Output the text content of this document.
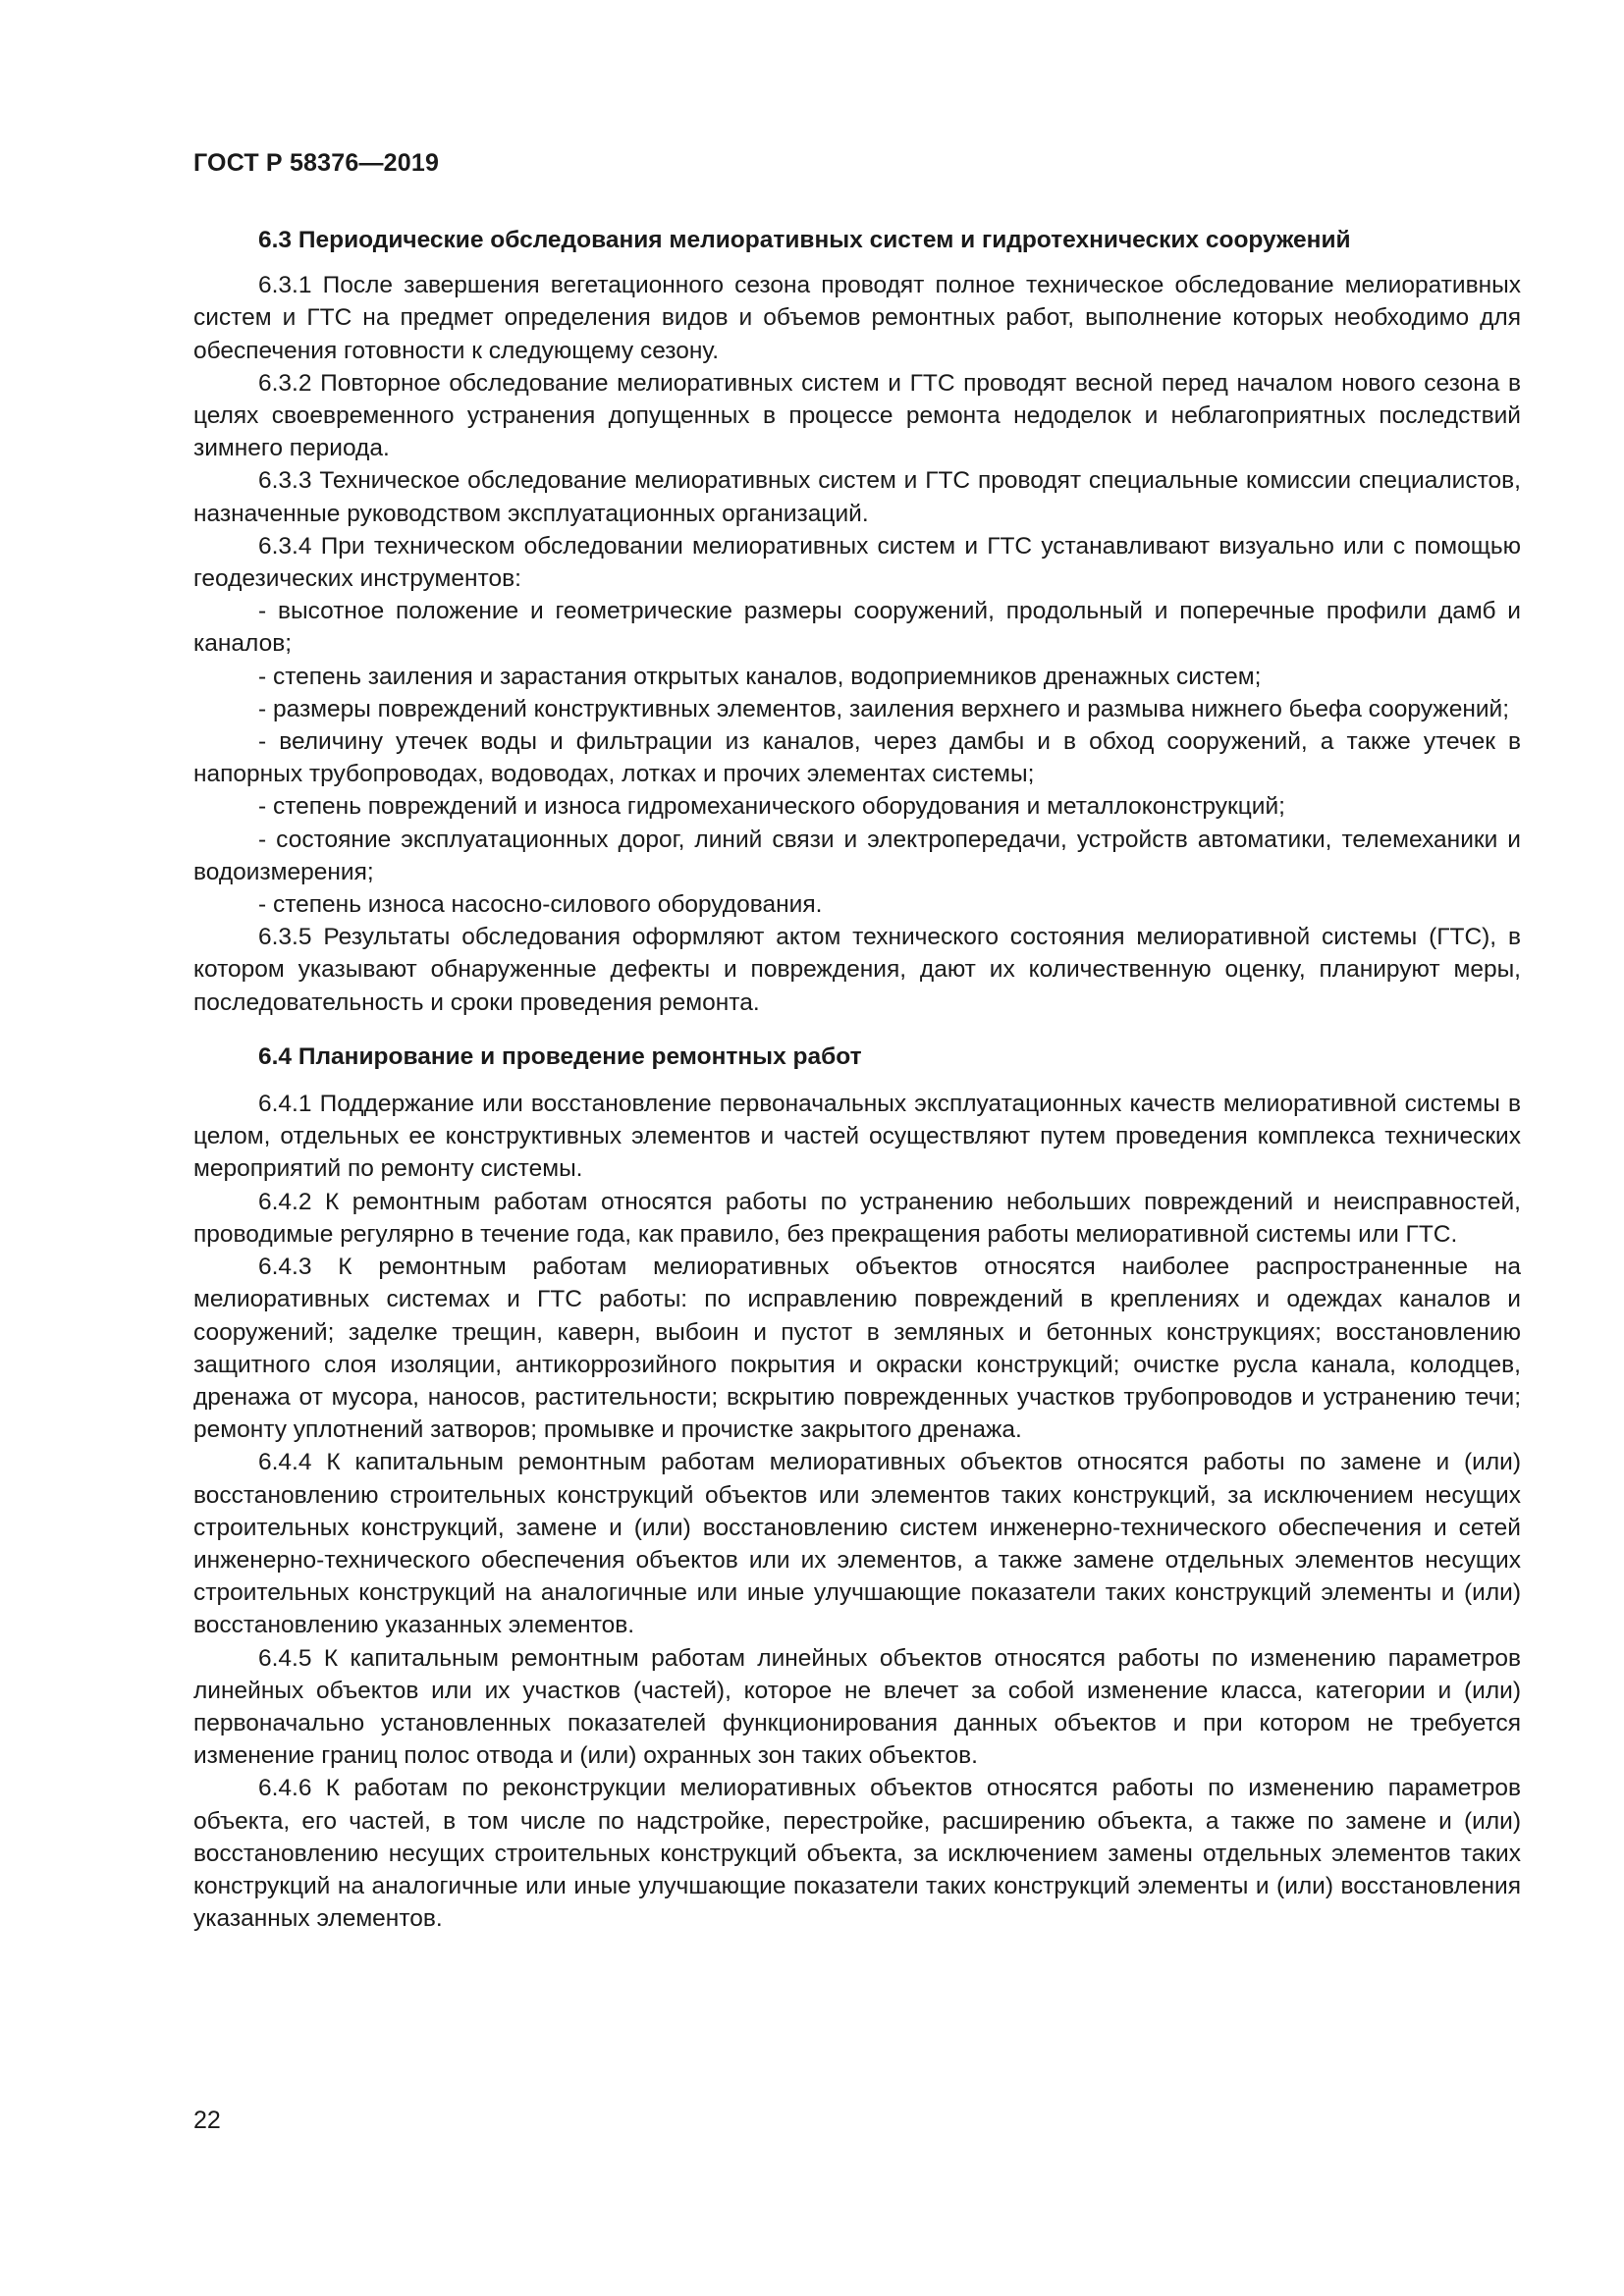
ГОСТ Р 58376—2019

6.3 Периодические обследования мелиоративных систем и гидротехнических сооружений

6.3.1 После завершения вегетационного сезона проводят полное техническое обследование мелиоративных систем и ГТС на предмет определения видов и объемов ремонтных работ, выполнение которых необходимо для обеспечения готовности к следующему сезону.

6.3.2 Повторное обследование мелиоративных систем и ГТС проводят весной перед началом нового сезона в целях своевременного устранения допущенных в процессе ремонта недоделок и неблагоприятных последствий зимнего периода.

6.3.3 Техническое обследование мелиоративных систем и ГТС проводят специальные комиссии специалистов, назначенные руководством эксплуатационных организаций.

6.3.4 При техническом обследовании мелиоративных систем и ГТС устанавливают визуально или с помощью геодезических инструментов:

- высотное положение и геометрические размеры сооружений, продольный и поперечные профили дамб и каналов;

- степень заиления и зарастания открытых каналов, водоприемников дренажных систем;

- размеры повреждений конструктивных элементов, заиления верхнего и размыва нижнего бьефа сооружений;

- величину утечек воды и фильтрации из каналов, через дамбы и в обход сооружений, а также утечек в напорных трубопроводах, водоводах, лотках и прочих элементах системы;

- степень повреждений и износа гидромеханического оборудования и металлоконструкций;

- состояние эксплуатационных дорог, линий связи и электропередачи, устройств автоматики, телемеханики и водоизмерения;

- степень износа насосно-силового оборудования.

6.3.5 Результаты обследования оформляют актом технического состояния мелиоративной системы (ГТС), в котором указывают обнаруженные дефекты и повреждения, дают их количественную оценку, планируют меры, последовательность и сроки проведения ремонта.

6.4 Планирование и проведение ремонтных работ

6.4.1 Поддержание или восстановление первоначальных эксплуатационных качеств мелиоративной системы в целом, отдельных ее конструктивных элементов и частей осуществляют путем проведения комплекса технических мероприятий по ремонту системы.

6.4.2 К ремонтным работам относятся работы по устранению небольших повреждений и неисправностей, проводимые регулярно в течение года, как правило, без прекращения работы мелиоративной системы или ГТС.

6.4.3 К ремонтным работам мелиоративных объектов относятся наиболее распространенные на мелиоративных системах и ГТС работы: по исправлению повреждений в креплениях и одеждах каналов и сооружений; заделке трещин, каверн, выбоин и пустот в земляных и бетонных конструкциях; восстановлению защитного слоя изоляции, антикоррозийного покрытия и окраски конструкций; очистке русла канала, колодцев, дренажа от мусора, наносов, растительности; вскрытию поврежденных участков трубопроводов и устранению течи; ремонту уплотнений затворов; промывке и прочистке закрытого дренажа.

6.4.4 К капитальным ремонтным работам мелиоративных объектов относятся работы по замене и (или) восстановлению строительных конструкций объектов или элементов таких конструкций, за исключением несущих строительных конструкций, замене и (или) восстановлению систем инженерно-технического обеспечения и сетей инженерно-технического обеспечения объектов или их элементов, а также замене отдельных элементов несущих строительных конструкций на аналогичные или иные улучшающие показатели таких конструкций элементы и (или) восстановлению указанных элементов.

6.4.5 К капитальным ремонтным работам линейных объектов относятся работы по изменению параметров линейных объектов или их участков (частей), которое не влечет за собой изменение класса, категории и (или) первоначально установленных показателей функционирования данных объектов и при котором не требуется изменение границ полос отвода и (или) охранных зон таких объектов.

6.4.6 К работам по реконструкции мелиоративных объектов относятся работы по изменению параметров объекта, его частей, в том числе по надстройке, перестройке, расширению объекта, а также по замене и (или) восстановлению несущих строительных конструкций объекта, за исключением замены отдельных элементов таких конструкций на аналогичные или иные улучшающие показатели таких конструкций элементы и (или) восстановления указанных элементов.

22
